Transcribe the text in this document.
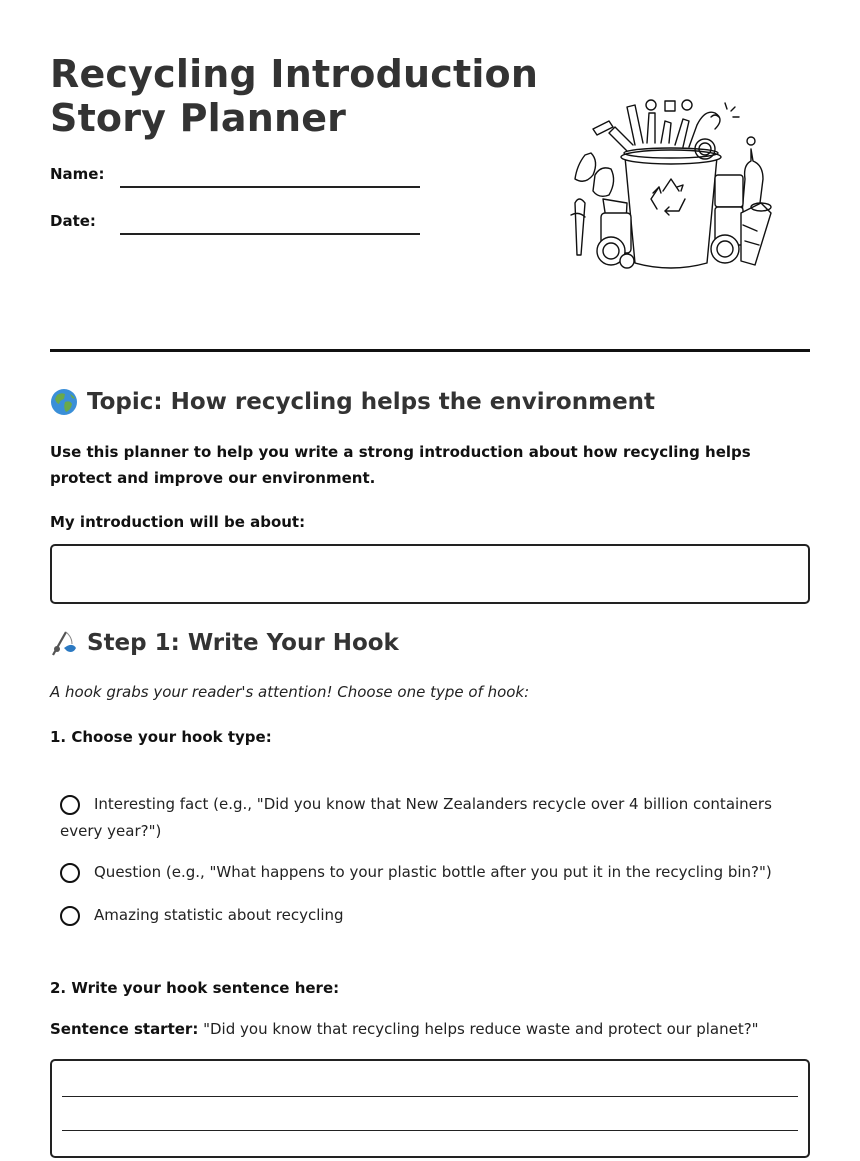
Recycling Introduction
Story Planner
Name:
Date:
Topic: How recycling helps the environment

Use this planner to help you write a strong introduction about how recycling helps protect and improve our environment.

My introduction will be about:

Step 1: Write Your Hook

A hook grabs your reader's attention! Choose one type of hook:

1. Choose your hook type:

Interesting fact (e.g., "Did you know that New Zealanders recycle over 4 billion containers every year?")
Question (e.g., "What happens to your plastic bottle after you put it in the recycling bin?")
Amazing statistic about recycling

2. Write your hook sentence here:

Sentence starter: "Did you know that recycling helps reduce waste and protect our planet?"
